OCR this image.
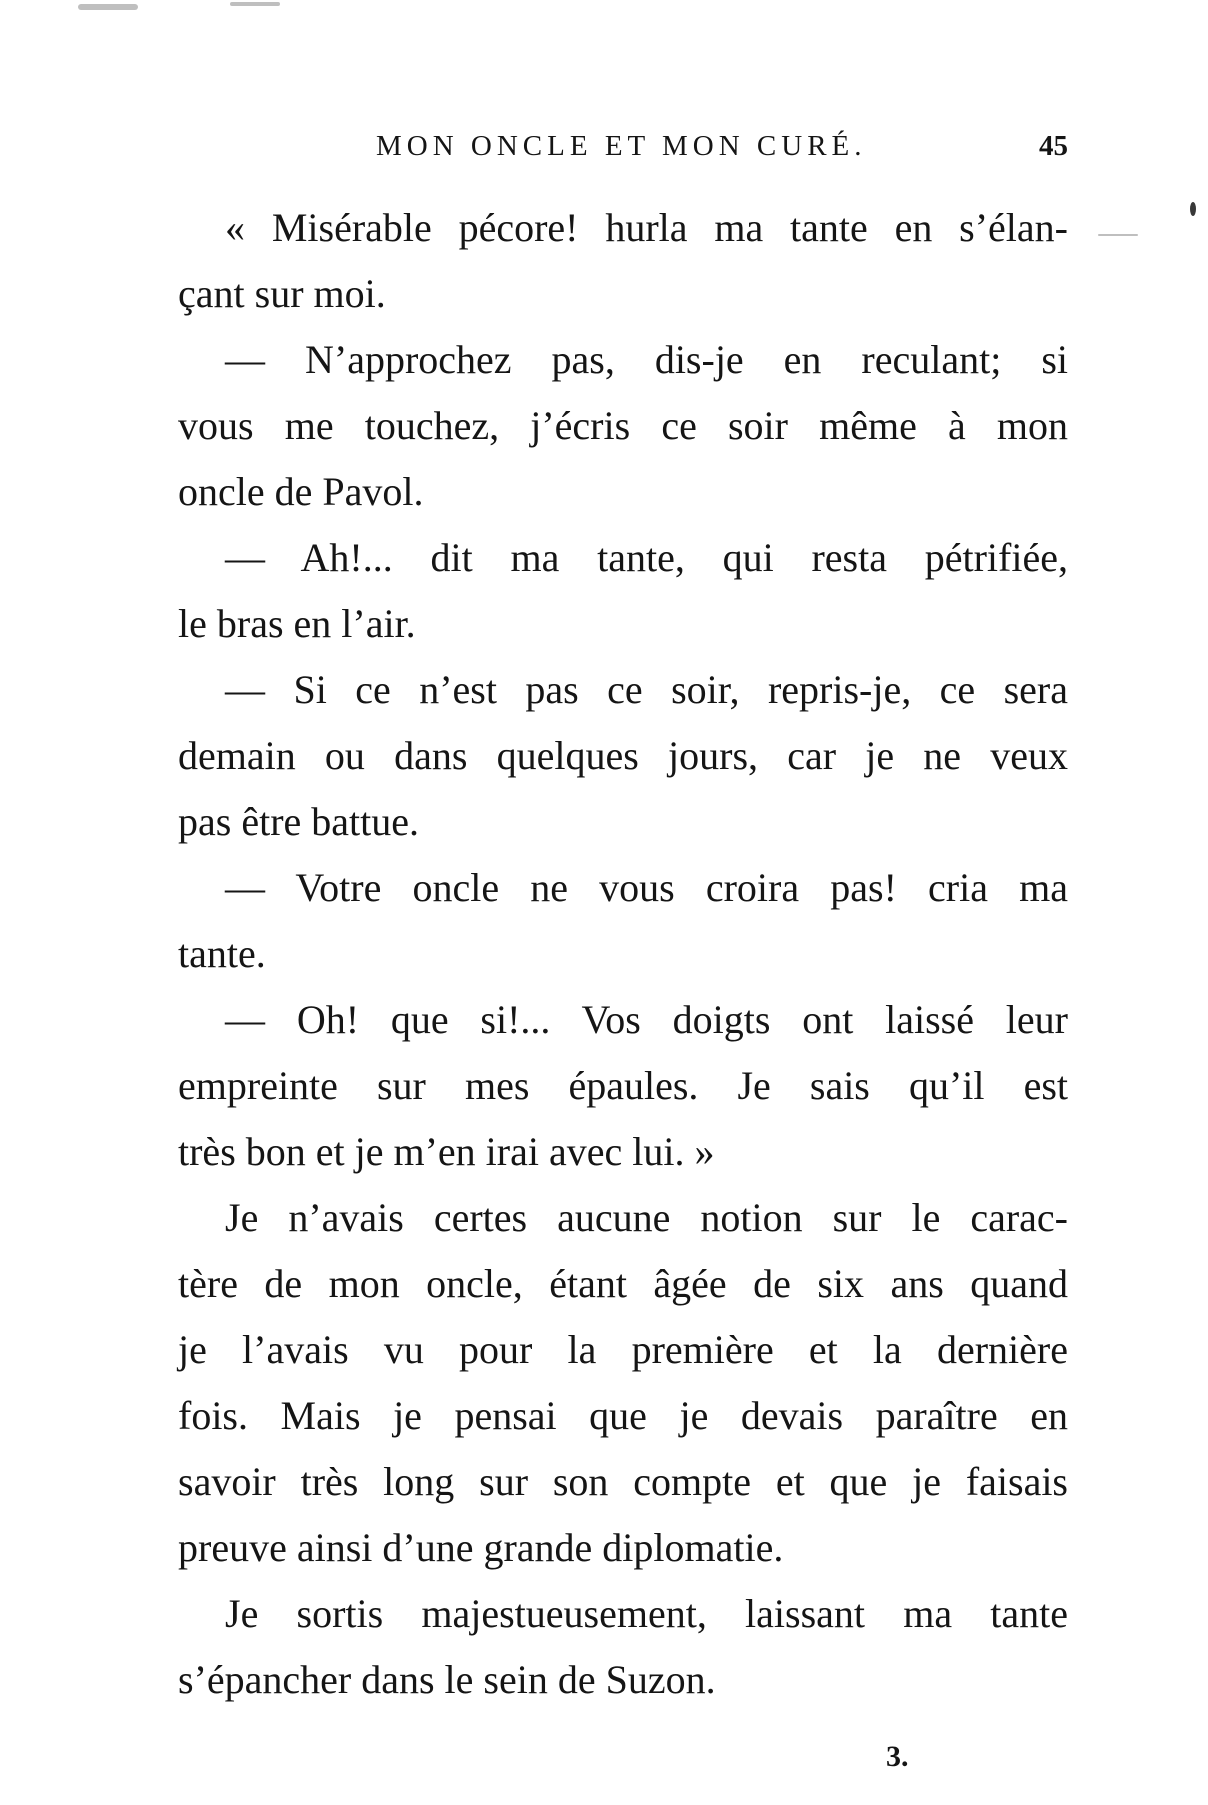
MON ONCLE ET MON CURÉ.	45
« Misérable pécore! hurla ma tante en s’élan-
çant sur moi.
— N’approchez pas, dis-je en reculant; si
vous me touchez, j’écris ce soir même à mon
oncle de Pavol.
— Ah!... dit ma tante, qui resta pétrifiée,
le bras en l’air.
— Si ce n’est pas ce soir, repris-je, ce sera
demain ou dans quelques jours, car je ne veux
pas être battue.
— Votre oncle ne vous croira pas! cria ma
tante.
— Oh! que si!... Vos doigts ont laissé leur
empreinte sur mes épaules. Je sais qu’il est
très bon et je m’en irai avec lui. »
Je n’avais certes aucune notion sur le carac-
tère de mon oncle, étant âgée de six ans quand
je l’avais vu pour la première et la dernière
fois. Mais je pensai que je devais paraître en
savoir très long sur son compte et que je faisais
preuve ainsi d’une grande diplomatie.
Je sortis majestueusement, laissant ma tante
s’épancher dans le sein de Suzon.
3.
